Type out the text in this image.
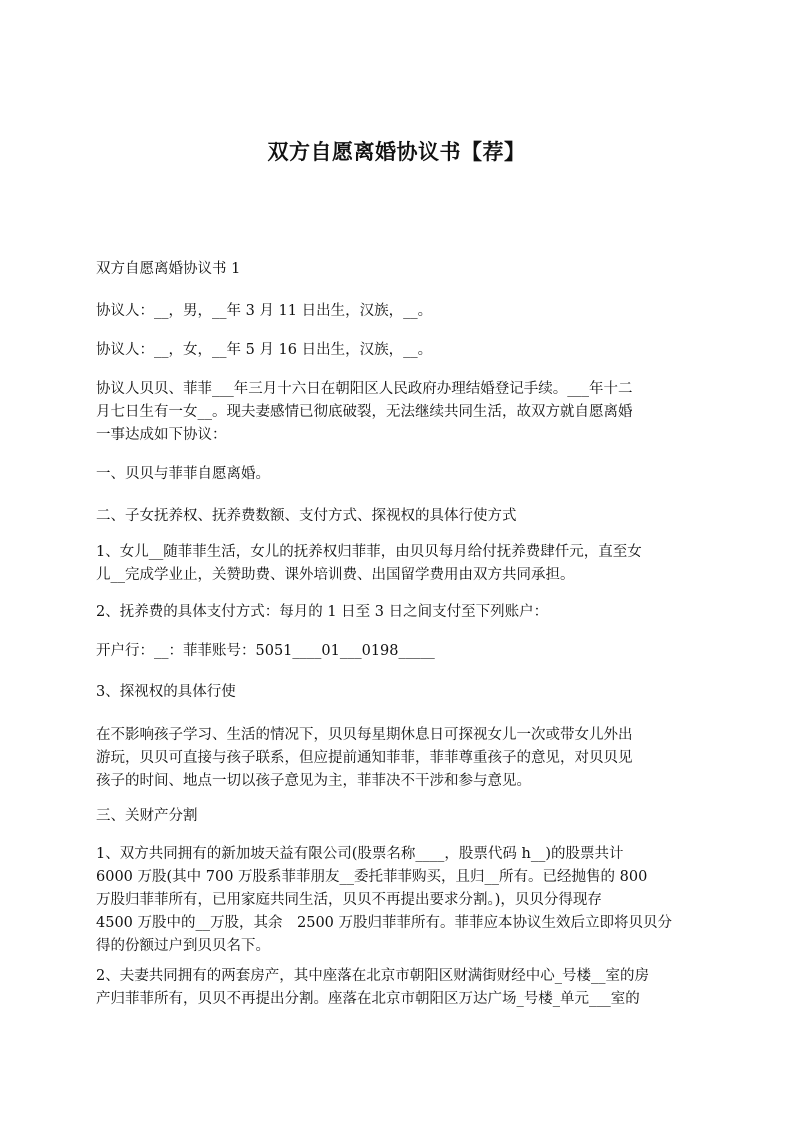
双方自愿离婚协议书【荐】
双方自愿离婚协议书 1
协议人：__，男，__年 3 月 11 日出生，汉族，__。
协议人：__，女，__年 5 月 16 日出生，汉族，__。
协议人贝贝、菲菲___年三月十六日在朝阳区人民政府办理结婚登记手续。___年十二
月七日生有一女__。现夫妻感情已彻底破裂，无法继续共同生活，故双方就自愿离婚
一事达成如下协议：
一、贝贝与菲菲自愿离婚。
二、子女抚养权、抚养费数额、支付方式、探视权的具体行使方式
1、女儿__随菲菲生活，女儿的抚养权归菲菲，由贝贝每月给付抚养费肆仟元，直至女
儿__完成学业止，关赞助费、课外培训费、出国留学费用由双方共同承担。
2、抚养费的具体支付方式：每月的 1 日至 3 日之间支付至下列账户：
开户行：__：菲菲账号：5051____01___0198_____
3、探视权的具体行使
在不影响孩子学习、生活的情况下，贝贝每星期休息日可探视女儿一次或带女儿外出
游玩，贝贝可直接与孩子联系，但应提前通知菲菲，菲菲尊重孩子的意见，对贝贝见
孩子的时间、地点一切以孩子意见为主，菲菲决不干涉和参与意见。
三、关财产分割
1、双方共同拥有的新加坡天益有限公司(股票名称____，股票代码 h__)的股票共计
6000 万股(其中 700 万股系菲菲朋友__委托菲菲购买，且归__所有。已经抛售的 800
万股归菲菲所有，已用家庭共同生活，贝贝不再提出要求分割。)，贝贝分得现存
4500 万股中的__万股，其余　2500 万股归菲菲所有。菲菲应本协议生效后立即将贝贝分
得的份额过户到贝贝名下。
2、夫妻共同拥有的两套房产，其中座落在北京市朝阳区财满街财经中心_号楼__室的房
产归菲菲所有，贝贝不再提出分割。座落在北京市朝阳区万达广场_号楼_单元___室的
